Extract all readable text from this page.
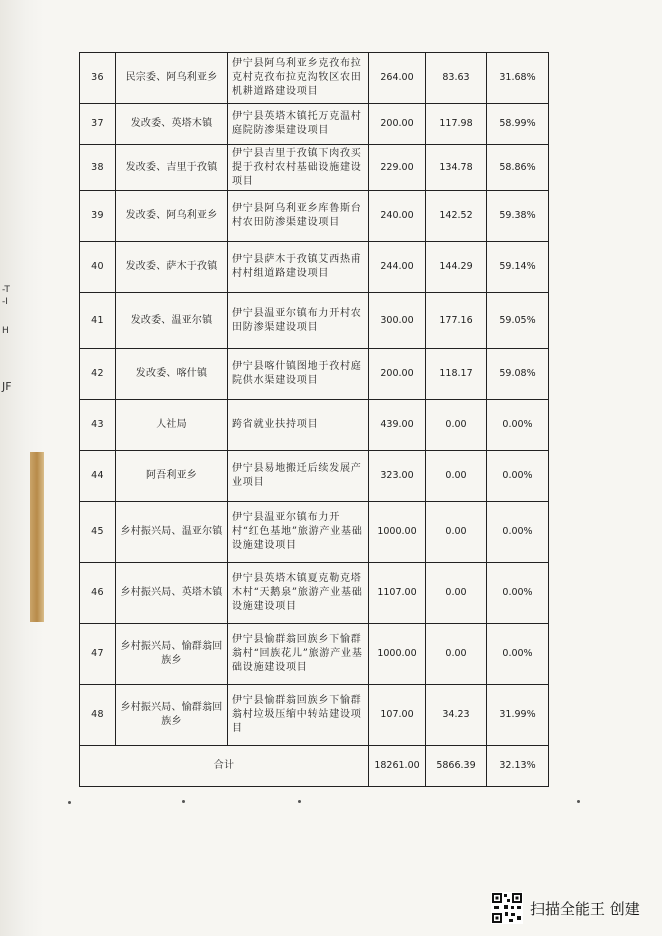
-T
-I
H
JF
36	民宗委、阿乌利亚乡	伊宁县阿乌利亚乡克孜布拉克村克孜布拉克沟牧区农田机耕道路建设项目	264.00	83.63	31.68%
37	发改委、英塔木镇	伊宁县英塔木镇托万克温村庭院防渗渠建设项目	200.00	117.98	58.99%
38	发改委、吉里于孜镇	伊宁县吉里于孜镇下肉孜买提于孜村农村基础设施建设项目	229.00	134.78	58.86%
39	发改委、阿乌利亚乡	伊宁县阿乌利亚乡库鲁斯台村农田防渗渠建设项目	240.00	142.52	59.38%
40	发改委、萨木于孜镇	伊宁县萨木于孜镇艾西热甫村村组道路建设项目	244.00	144.29	59.14%
41	发改委、温亚尔镇	伊宁县温亚尔镇布力开村农田防渗渠建设项目	300.00	177.16	59.05%
42	发改委、喀什镇	伊宁县喀什镇图地于孜村庭院供水渠建设项目	200.00	118.17	59.08%
43	人社局	跨省就业扶持项目	439.00	0.00	0.00%
44	阿吾利亚乡	伊宁县易地搬迁后续发展产业项目	323.00	0.00	0.00%
45	乡村振兴局、温亚尔镇	伊宁县温亚尔镇布力开村“红色基地”旅游产业基础设施建设项目	1000.00	0.00	0.00%
46	乡村振兴局、英塔木镇	伊宁县英塔木镇夏克勒克塔木村“天鹅泉”旅游产业基础设施建设项目	1107.00	0.00	0.00%
47	乡村振兴局、愉群翁回族乡	伊宁县愉群翁回族乡下愉群翁村“回族花儿”旅游产业基础设施建设项目	1000.00	0.00	0.00%
48	乡村振兴局、愉群翁回族乡	伊宁县愉群翁回族乡下愉群翁村垃圾压缩中转站建设项目	107.00	34.23	31.99%
合计			18261.00	5866.39	32.13%
扫描全能王 创建
